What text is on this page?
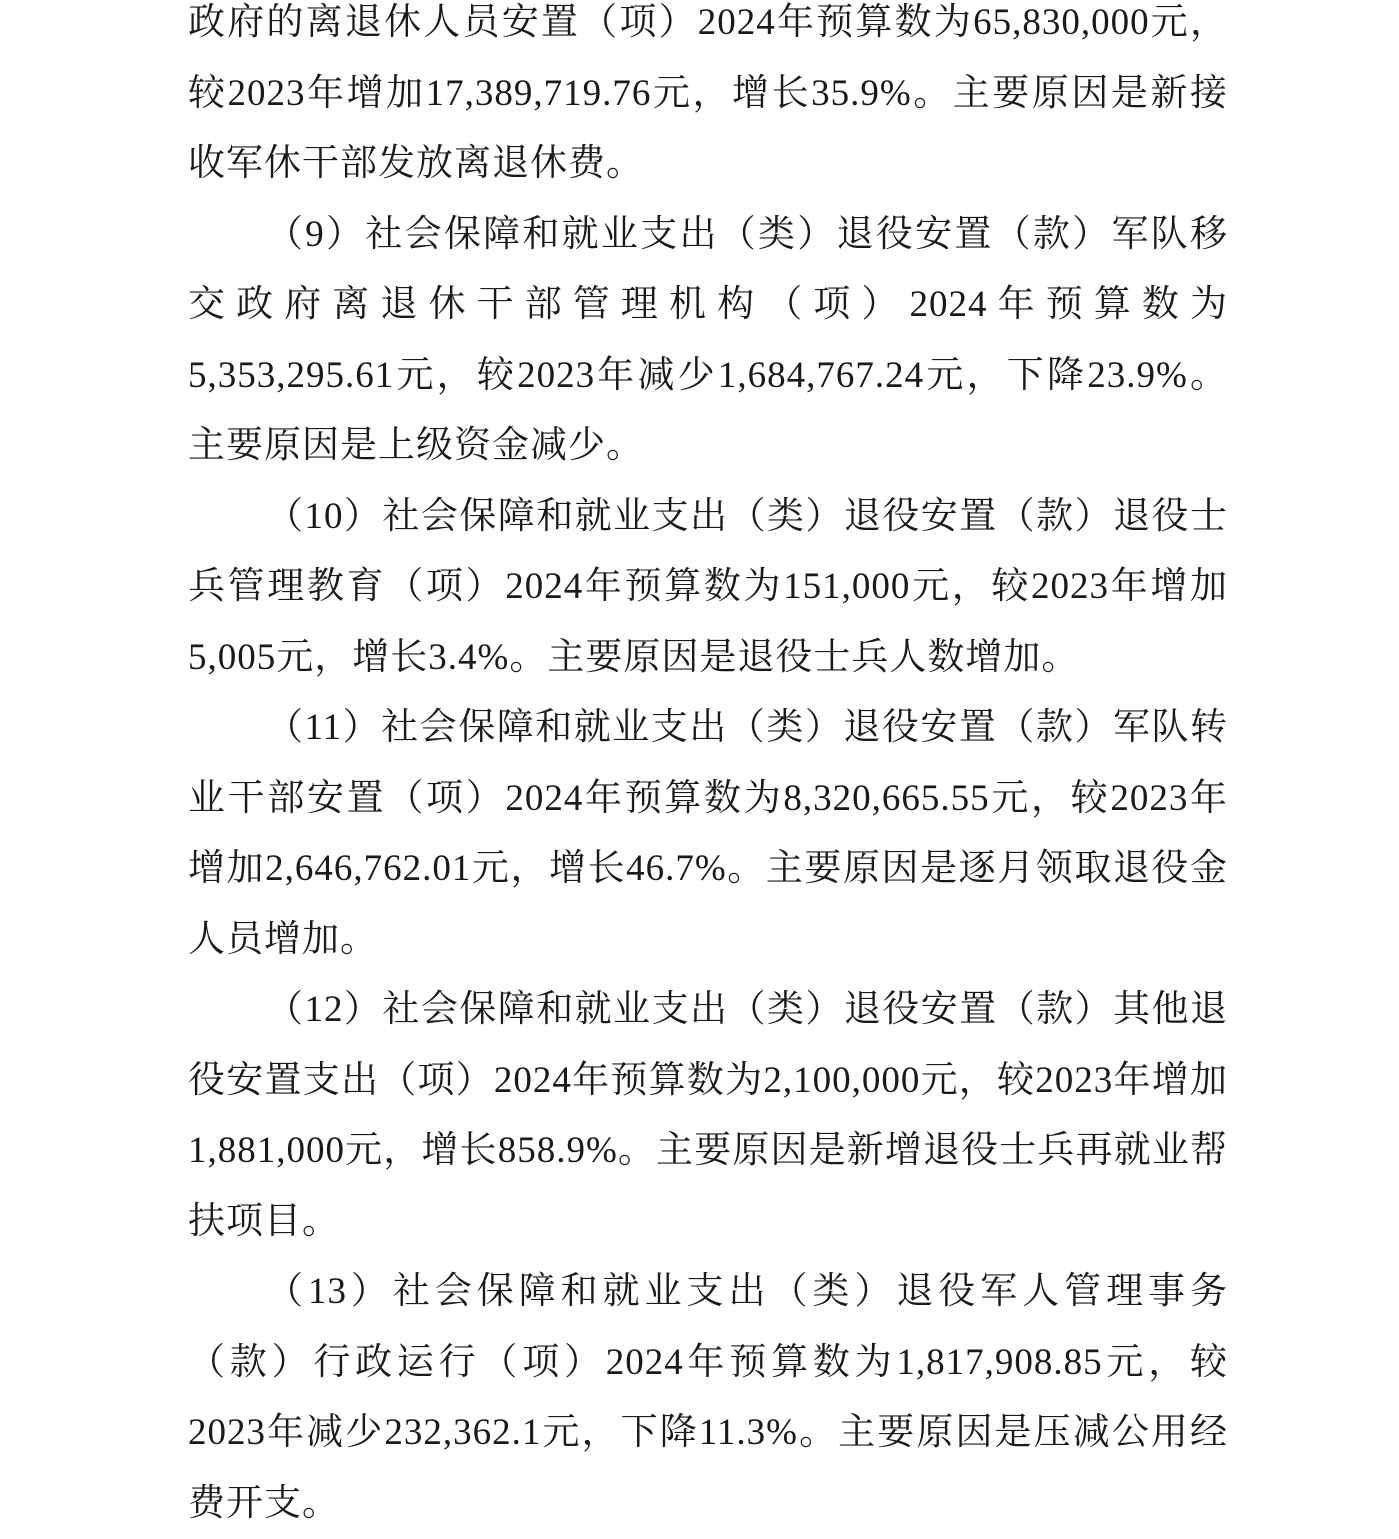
政府的离退休人员安置（项）2024年预算数为65,830,000元，较2023年增加17,389,719.76元，增长35.9%。主要原因是新接收军休干部发放离退休费。

（9）社会保障和就业支出（类）退役安置（款）军队移交政府离退休干部管理机构（项）2024年预算数为5,353,295.61元，较2023年减少1,684,767.24元，下降23.9%。主要原因是上级资金减少。

（10）社会保障和就业支出（类）退役安置（款）退役士兵管理教育（项）2024年预算数为151,000元，较2023年增加5,005元，增长3.4%。主要原因是退役士兵人数增加。

（11）社会保障和就业支出（类）退役安置（款）军队转业干部安置（项）2024年预算数为8,320,665.55元，较2023年增加2,646,762.01元，增长46.7%。主要原因是逐月领取退役金人员增加。

（12）社会保障和就业支出（类）退役安置（款）其他退役安置支出（项）2024年预算数为2,100,000元，较2023年增加1,881,000元，增长858.9%。主要原因是新增退役士兵再就业帮扶项目。

（13）社会保障和就业支出（类）退役军人管理事务（款）行政运行（项）2024年预算数为1,817,908.85元，较2023年减少232,362.1元，下降11.3%。主要原因是压减公用经费开支。
